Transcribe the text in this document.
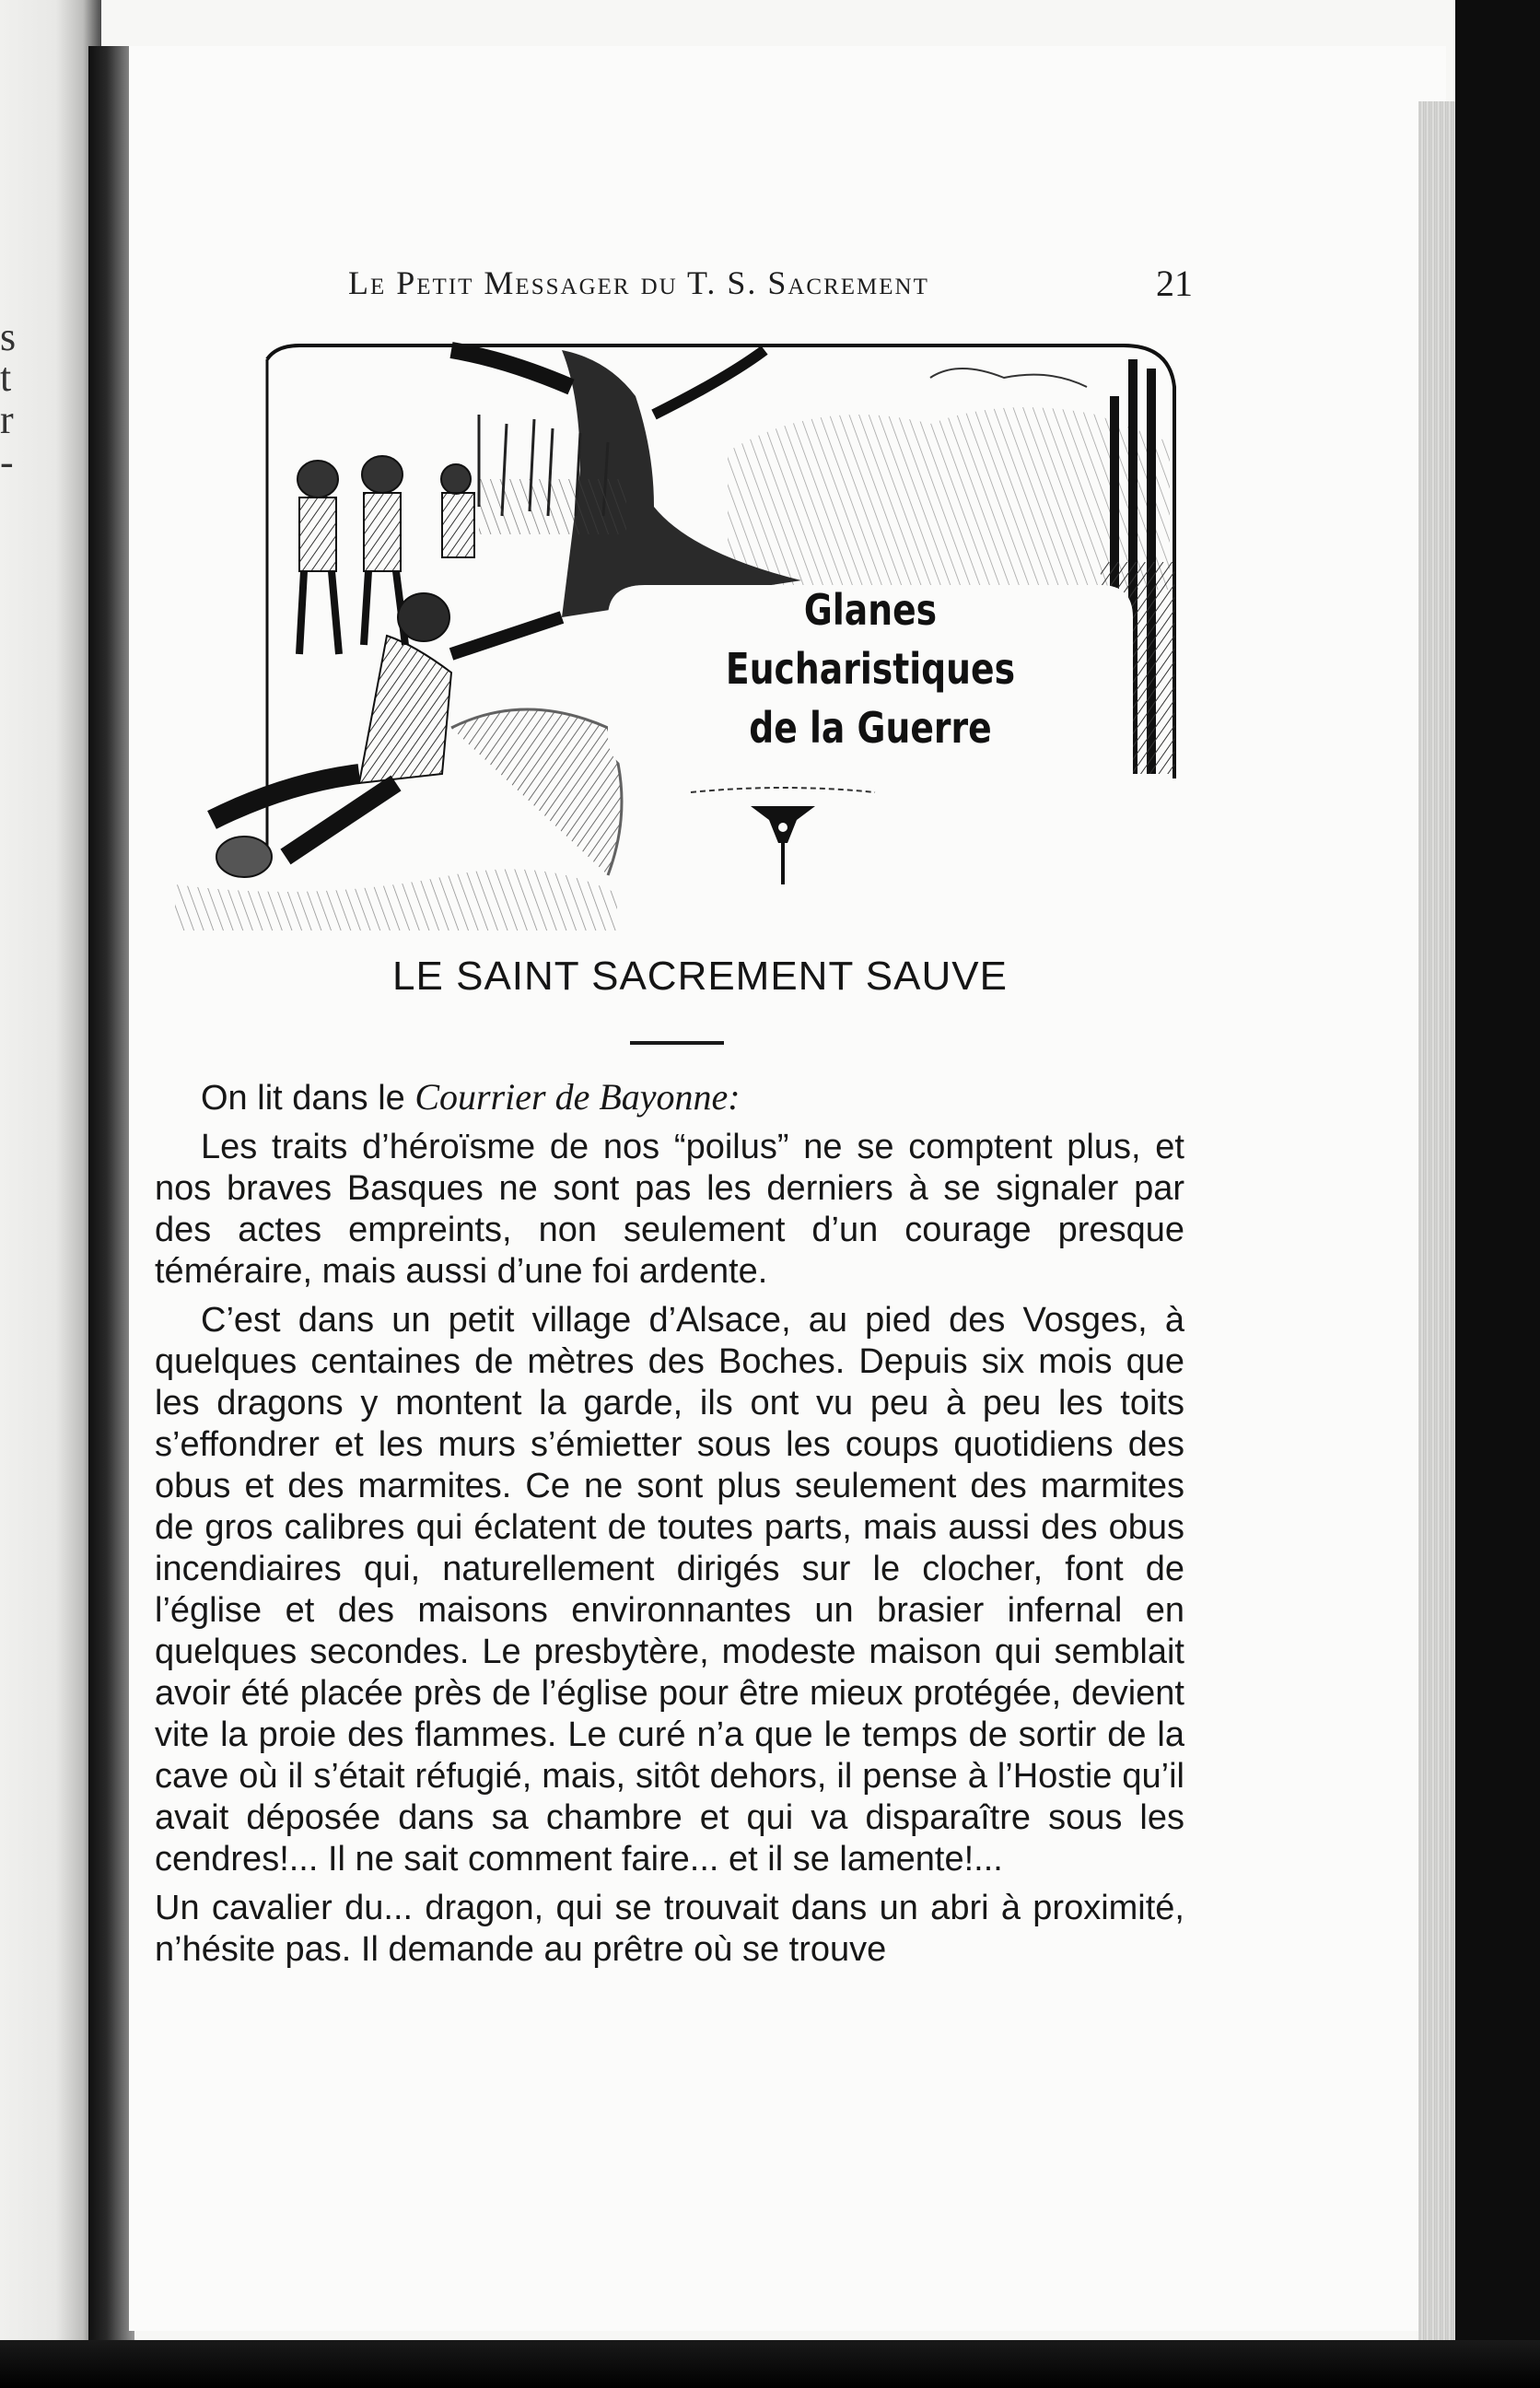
s
t
r
-
Le Petit Messager du T. S. Sacrement	21
Glanes Eucharistiques
de la Guerre
LE SAINT SACREMENT SAUVE

On lit dans le Courrier de Bayonne:

Les traits d’héroïsme de nos “poilus” ne se comptent plus, et nos braves Basques ne sont pas les derniers à se signaler par des actes empreints, non seulement d’un courage presque téméraire, mais aussi d’une foi ardente.

C’est dans un petit village d’Alsace, au pied des Vosges, à quelques centaines de mètres des Boches. Depuis six mois que les dragons y montent la garde, ils ont vu peu à peu les toits s’effondrer et les murs s’émietter sous les coups quotidiens des obus et des marmites. Ce ne sont plus seulement des marmites de gros calibres qui éclatent de toutes parts, mais aussi des obus incendiaires qui, naturellement dirigés sur le clocher, font de l’église et des maisons environnantes un brasier infernal en quelques secondes. Le presbytère, modeste maison qui semblait avoir été placée près de l’église pour être mieux protégée, devient vite la proie des flammes. Le curé n’a que le temps de sortir de la cave où il s’était réfugié, mais, sitôt dehors, il pense à l’Hostie qu’il avait déposée dans sa chambre et qui va disparaître sous les cendres!... Il ne sait comment faire... et il se lamente!...

Un cavalier du... dragon, qui se trouvait dans un abri à proximité, n’hésite pas. Il demande au prêtre où se trouve
